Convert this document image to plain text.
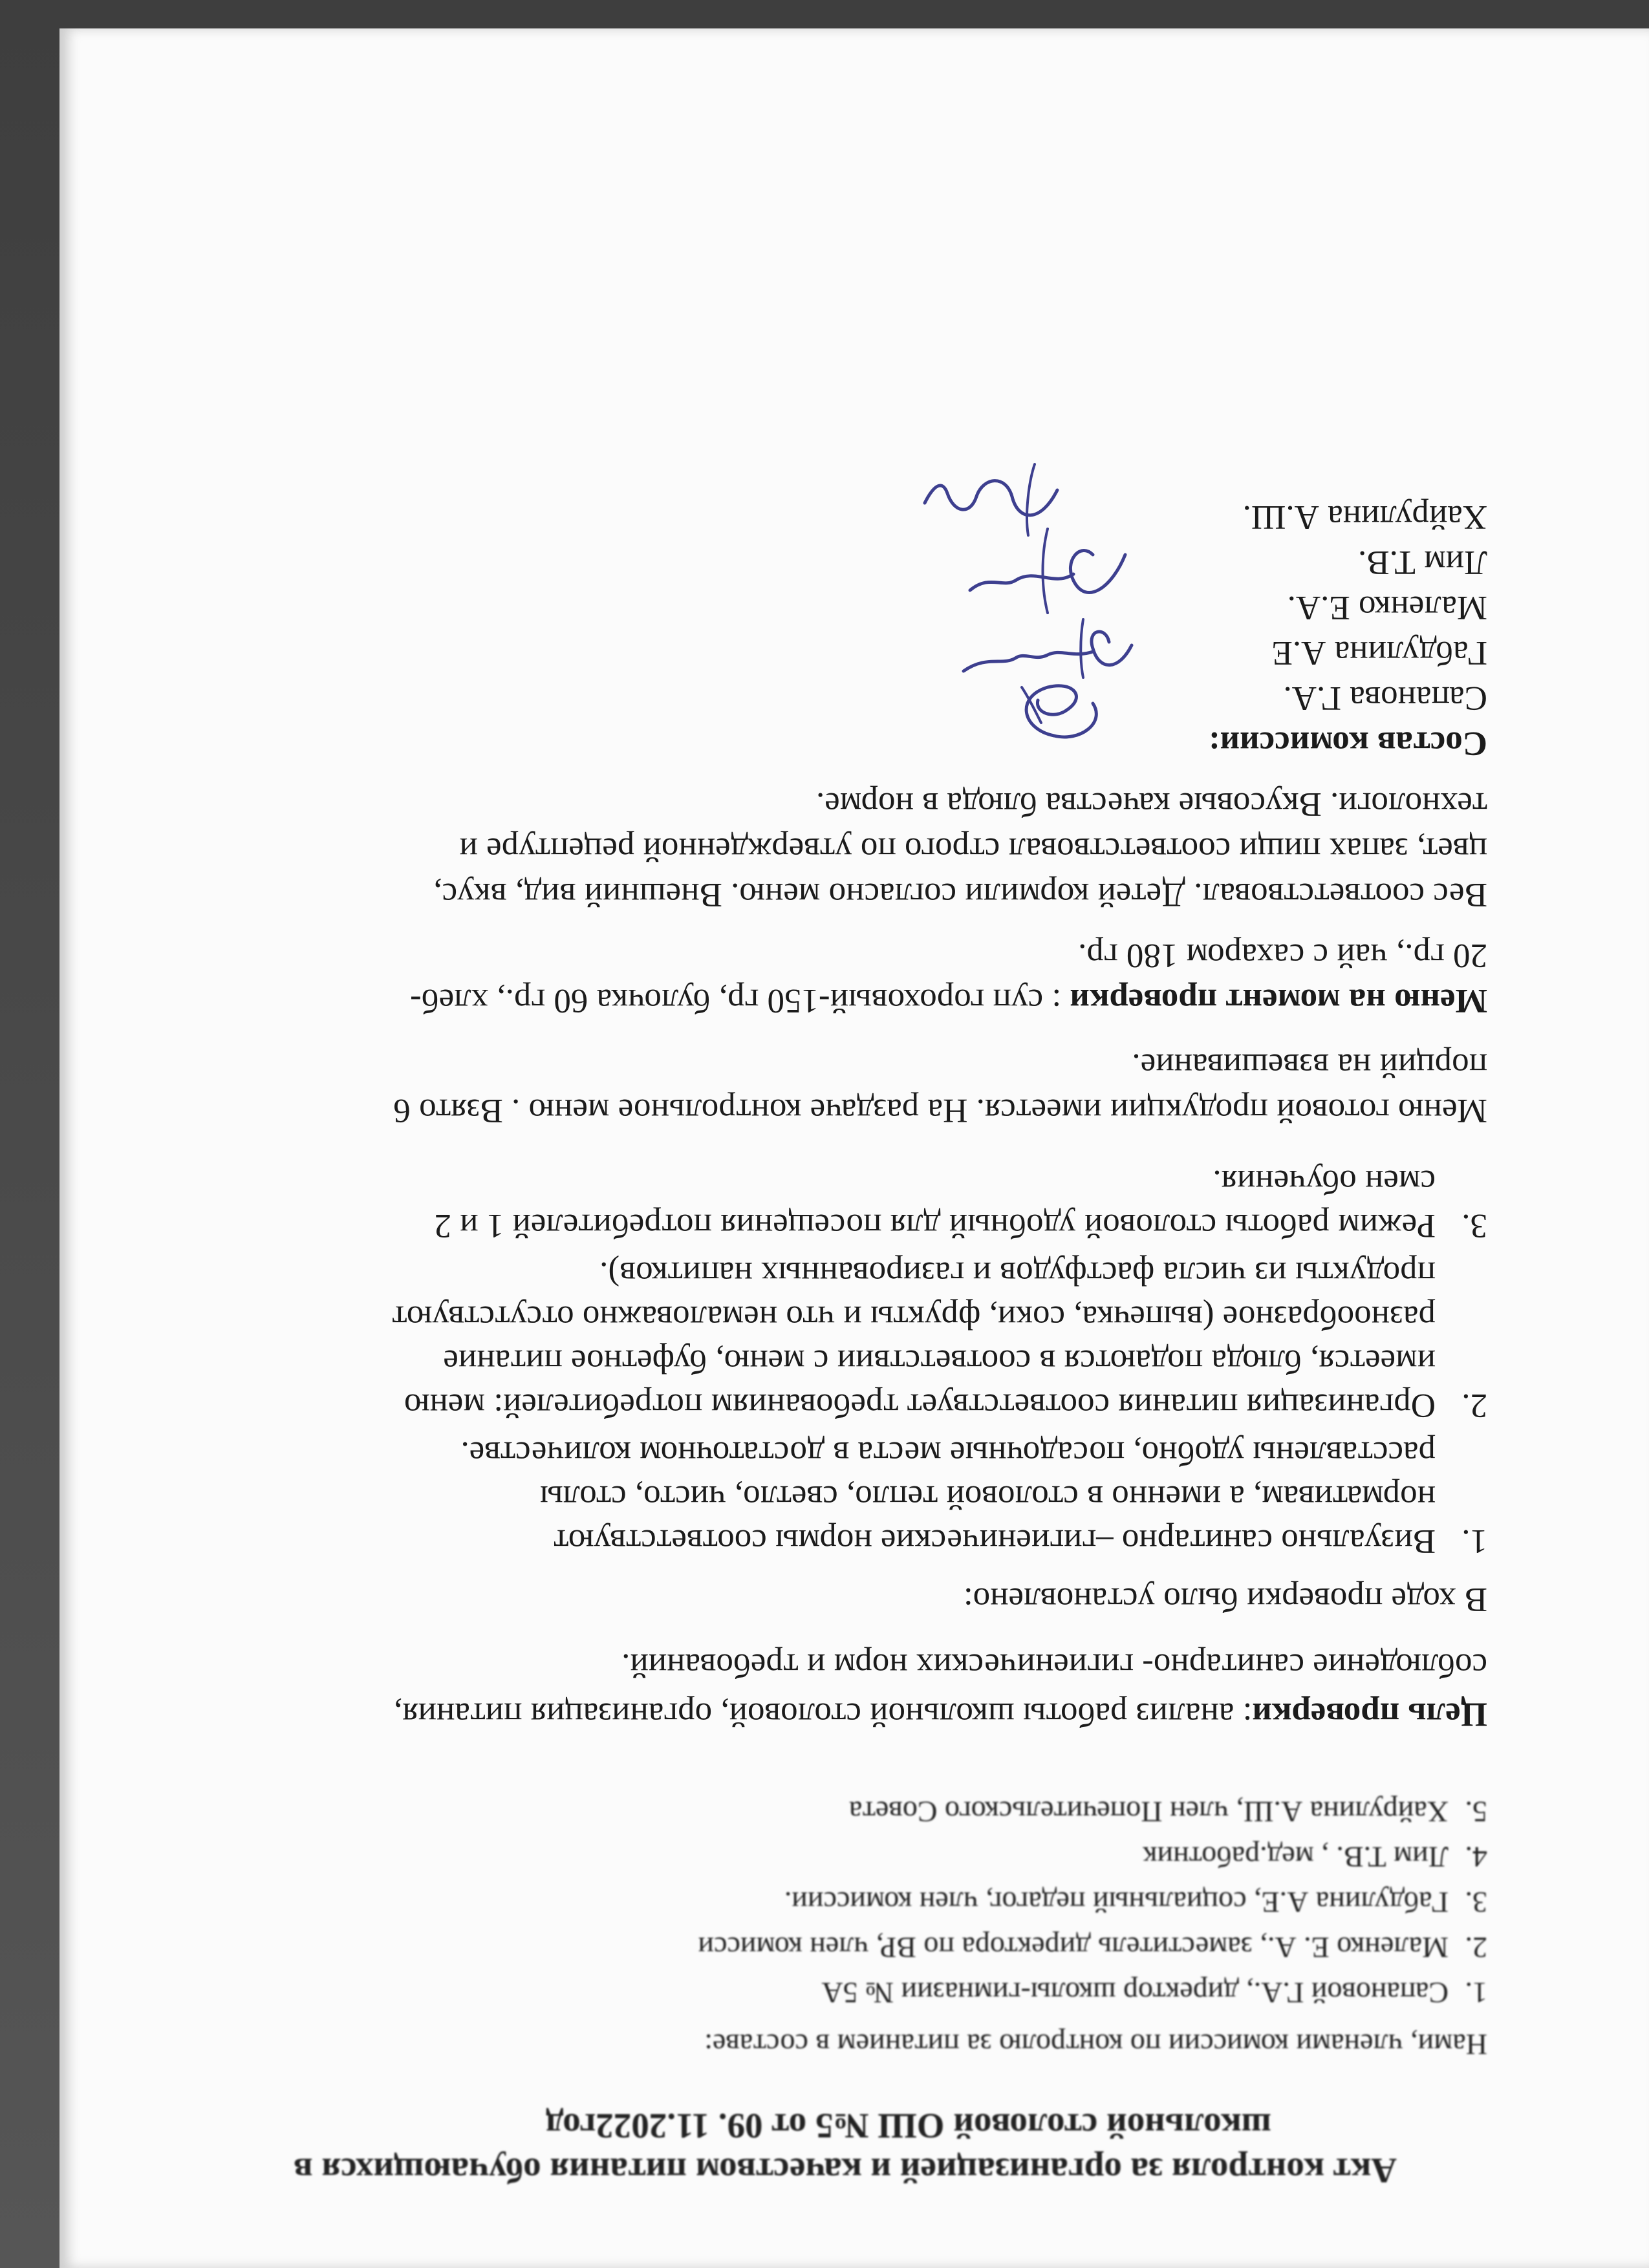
Акт контроля за организацией и качеством питания обучающихся в
школьной столовой ОШ №5 от 09. 11.2022год
Нами, членами комиссии по контролю за питанием в составе:
1.Сапановой Г.А., директор школы-гимназии № 5А
2.Маленко Е. А., заместитель директора по ВР, член комисси
3.Габдулина А.Е, социальный педагог, член комиссии.
4.Лим Т.В. , мед.работник
5.Хайрулина А.Ш, член Попечительского Совета
Цель проверки: анализ работы школьной столовой, организация питания,
соблюдение санитарно- гигиенических норм и требований.
В ходе проверки было установлено:
1.
Визуально санитарно –гигиенические нормы соответствуют
нормативам, а именно в столовой тепло, светло, чисто, столы
расставлены удобно, посадочные места в достаточном количестве.
2.
Организация питания соответствует требованиям потребителей: меню
имеется, блюда подаются в соответствии с меню, буфетное питание
разнообразное (выпечка, соки, фрукты и что немаловажно отсутствуют
продукты из числа фастфудов и газированных напитков).
3.
Режим работы столовой удобный для посещения потребителей 1 и 2
смен обучения.
Меню готовой продукции имеется. На раздаче контрольное меню . Взято 6
порций на взвешивание.
Меню на момент проверки : суп гороховый-150 гр, булочка 60 гр., хлеб-
20 гр., чай с сахаром 180 гр.
Вес соответствовал. Детей кормили согласно меню. Внешний вид, вкус,
цвет, запах пищи соответствовал строго по утвержденной рецептуре и
технологи. Вкусовые качества блюда в норме.
Состав комиссии:
Сапанова Г.А.
Габдулина А.Е
Маленко Е.А.
Лим Т.В.
Хайрулина А.Ш.
